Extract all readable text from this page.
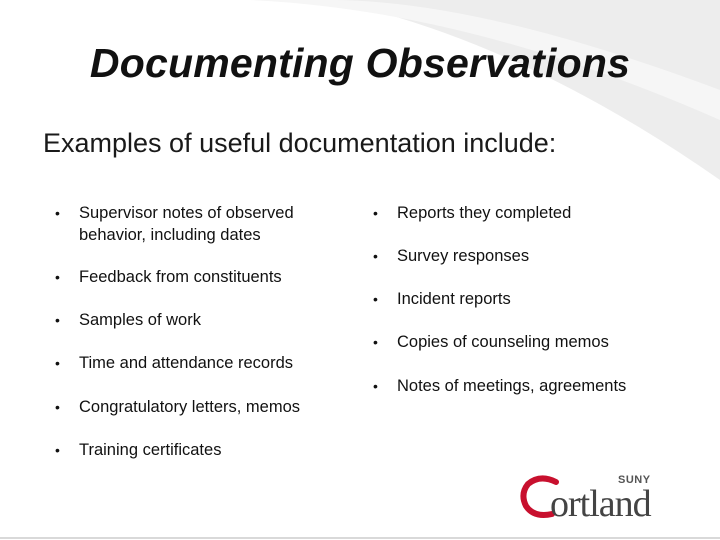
Documenting Observations
Examples of useful documentation include:
• Supervisor notes of observed behavior, including dates
• Feedback from constituents
• Samples of work
• Time and attendance records
• Congratulatory letters, memos
• Training certificates
• Reports they completed
• Survey responses
• Incident reports
• Copies of counseling memos
• Notes of meetings, agreements
SUNY
ortland
